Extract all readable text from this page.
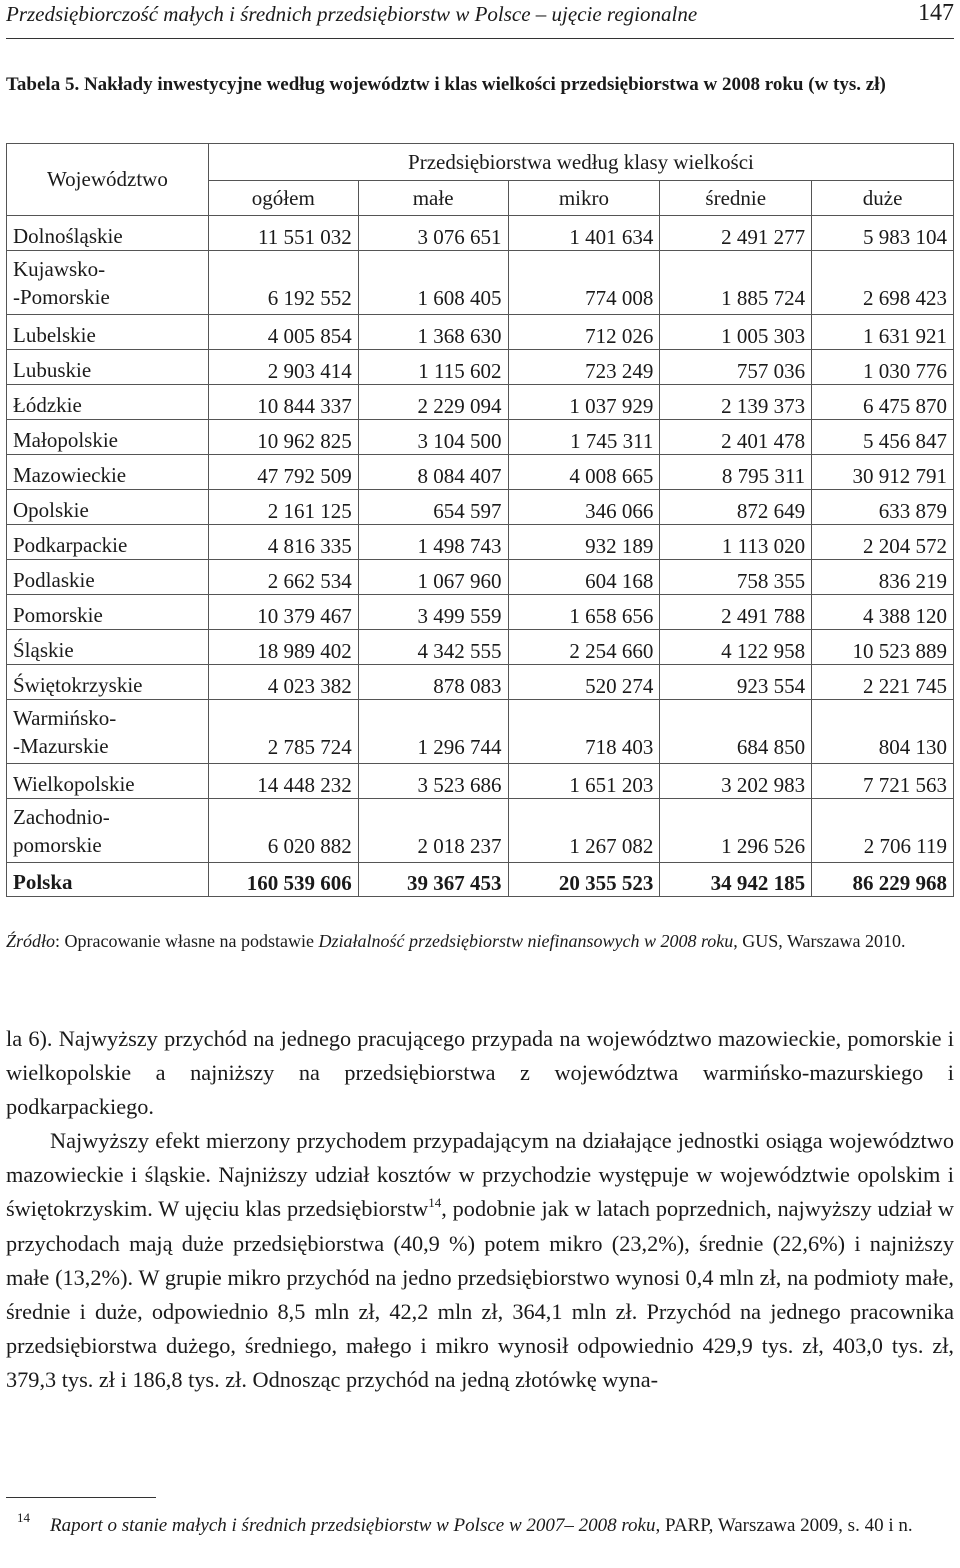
Przedsiębiorczość małych i średnich przedsiębiorstw w Polsce – ujęcie regionalne	147
Tabela 5. Nakłady inwestycyjne według województw i klas wielkości przedsiębiorstwa w 2008 roku (w tys. zł)
Województwo	Przedsiębiorstwa według klasy wielkości				
	ogółem	małe	mikro	średnie	duże
Dolnośląskie	11 551 032	3 076 651	1 401 634	2 491 277	5 983 104
Kujawsko-
-Pomorskie	6 192 552	1 608 405	774 008	1 885 724	2 698 423
Lubelskie	4 005 854	1 368 630	712 026	1 005 303	1 631 921
Lubuskie	2 903 414	1 115 602	723 249	757 036	1 030 776
Łódzkie	10 844 337	2 229 094	1 037 929	2 139 373	6 475 870
Małopolskie	10 962 825	3 104 500	1 745 311	2 401 478	5 456 847
Mazowieckie	47 792 509	8 084 407	4 008 665	8 795 311	30 912 791
Opolskie	2 161 125	654 597	346 066	872 649	633 879
Podkarpackie	4 816 335	1 498 743	932 189	1 113 020	2 204 572
Podlaskie	2 662 534	1 067 960	604 168	758 355	836 219
Pomorskie	10 379 467	3 499 559	1 658 656	2 491 788	4 388 120
Śląskie	18 989 402	4 342 555	2 254 660	4 122 958	10 523 889
Świętokrzyskie	4 023 382	878 083	520 274	923 554	2 221 745
Warmińsko-
-Mazurskie	2 785 724	1 296 744	718 403	684 850	804 130
Wielkopolskie	14 448 232	3 523 686	1 651 203	3 202 983	7 721 563
Zachodnio-
pomorskie	6 020 882	2 018 237	1 267 082	1 296 526	2 706 119
Polska	160 539 606	39 367 453	20 355 523	34 942 185	86 229 968
Źródło: Opracowanie własne na podstawie Działalność przedsiębiorstw niefinansowych w 2008 roku, GUS, Warszawa 2010.

la 6). Najwyższy przychód na jednego pracującego przypada na województwo mazowieckie, pomorskie i wielkopolskie a najniższy na przedsiębiorstwa z województwa warmińsko-mazurskiego i podkarpackiego.

Najwyższy efekt mierzony przychodem przypadającym na działające jednostki osiąga województwo mazowieckie i śląskie. Najniższy udział kosztów w przychodzie występuje w województwie opolskim i świętokrzyskim. W ujęciu klas przedsiębiorstw$^{14}$, podobnie jak w latach poprzednich, najwyższy udział w przychodach mają duże przedsiębiorstwa (40,9 %) potem mikro (23,2%), średnie (22,6%) i najniższy małe (13,2%). W grupie mikro przychód na jedno przedsiębiorstwo wynosi 0,4 mln zł, na podmioty małe, średnie i duże, odpowiednio 8,5 mln zł, 42,2 mln zł, 364,1 mln zł. Przychód na jednego pracownika przedsiębiorstwa dużego, średniego, małego i mikro wynosił odpowiednio 429,9 tys. zł, 403,0 tys. zł, 379,3 tys. zł i 186,8 tys. zł. Odnosząc przychód na jedną złotówkę wyna-

$^{14}$ Raport o stanie małych i średnich przedsiębiorstw w Polsce w 2007– 2008 roku, PARP, Warszawa 2009, s. 40 i n.
